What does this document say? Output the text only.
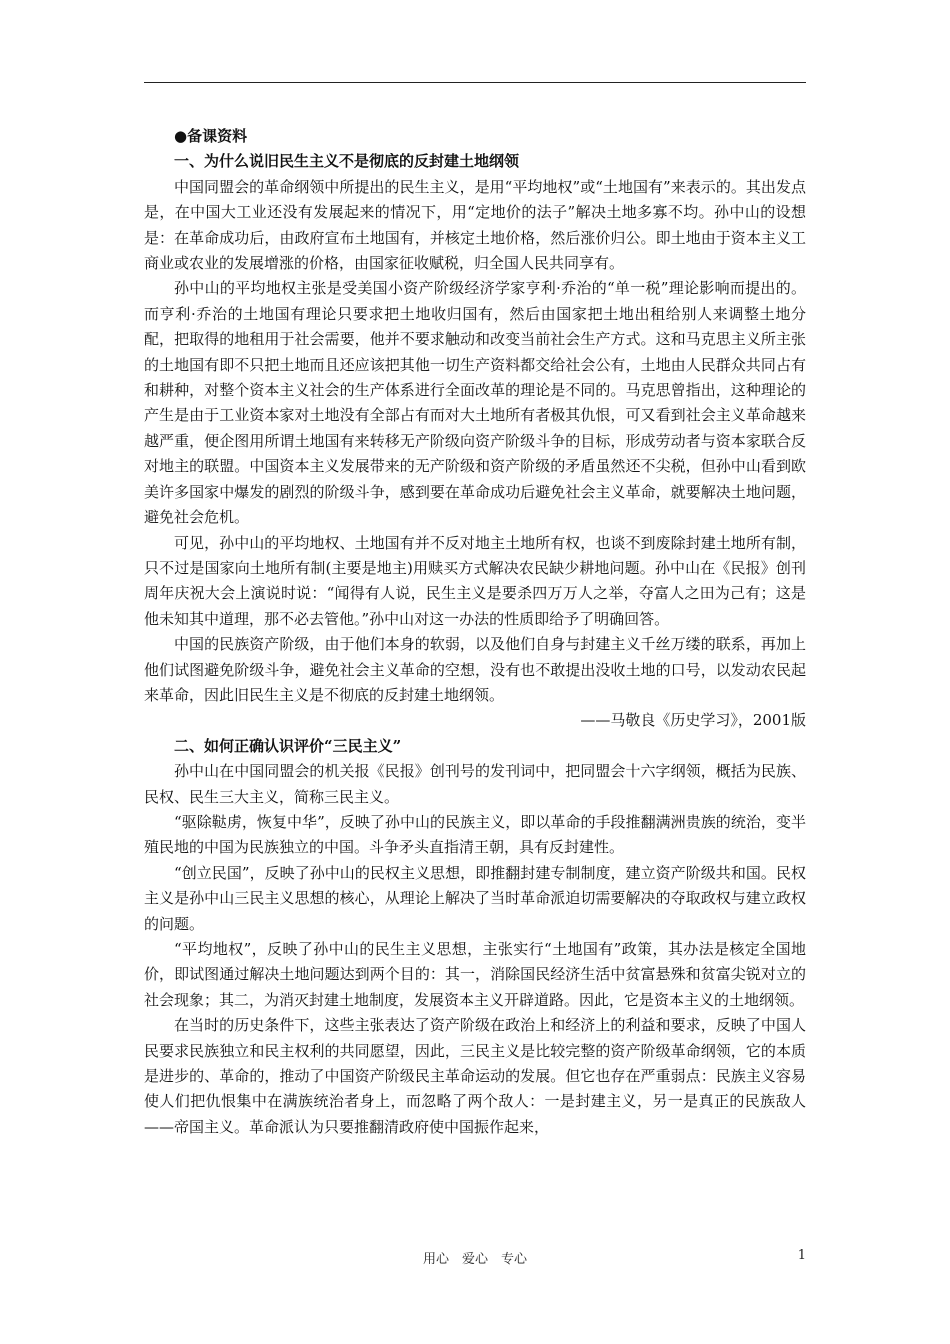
●备课资料

一、为什么说旧民生主义不是彻底的反封建土地纲领

中国同盟会的革命纲领中所提出的民生主义，是用“平均地权”或“土地国有”来表示的。其出发点是，在中国大工业还没有发展起来的情况下，用“定地价的法子”解决土地多寡不均。孙中山的设想是：在革命成功后，由政府宣布土地国有，并核定土地价格，然后涨价归公。即土地由于资本主义工商业或农业的发展增涨的价格，由国家征收赋税，归全国人民共同享有。

孙中山的平均地权主张是受美国小资产阶级经济学家亨利·乔治的“单一税”理论影响而提出的。而亨利·乔治的土地国有理论只要求把土地收归国有，然后由国家把土地出租给别人来调整土地分配，把取得的地租用于社会需要，他并不要求触动和改变当前社会生产方式。这和马克思主义所主张的土地国有即不只把土地而且还应该把其他一切生产资料都交给社会公有，土地由人民群众共同占有和耕种，对整个资本主义社会的生产体系进行全面改革的理论是不同的。马克思曾指出，这种理论的产生是由于工业资本家对土地没有全部占有而对大土地所有者极其仇恨，可又看到社会主义革命越来越严重，便企图用所谓土地国有来转移无产阶级向资产阶级斗争的目标，形成劳动者与资本家联合反对地主的联盟。中国资本主义发展带来的无产阶级和资产阶级的矛盾虽然还不尖税，但孙中山看到欧美许多国家中爆发的剧烈的阶级斗争，感到要在革命成功后避免社会主义革命，就要解决土地问题，避免社会危机。

可见，孙中山的平均地权、土地国有并不反对地主土地所有权，也谈不到废除封建土地所有制，只不过是国家向土地所有制(主要是地主)用赎买方式解决农民缺少耕地问题。孙中山在《民报》创刊周年庆祝大会上演说时说：“闻得有人说，民生主义是要杀四万万人之举，夺富人之田为己有；这是他未知其中道理，那不必去管他。”孙中山对这一办法的性质即给予了明确回答。

中国的民族资产阶级，由于他们本身的软弱，以及他们自身与封建主义千丝万缕的联系，再加上他们试图避免阶级斗争，避免社会主义革命的空想，没有也不敢提出没收土地的口号，以发动农民起来革命，因此旧民生主义是不彻底的反封建土地纲领。

——马敬良《历史学习》，2001版

二、如何正确认识评价“三民主义”

孙中山在中国同盟会的机关报《民报》创刊号的发刊词中，把同盟会十六字纲领，概括为民族、民权、民生三大主义，简称三民主义。

“驱除鞑虏，恢复中华”，反映了孙中山的民族主义，即以革命的手段推翻满洲贵族的统治，变半殖民地的中国为民族独立的中国。斗争矛头直指清王朝，具有反封建性。

“创立民国”，反映了孙中山的民权主义思想，即推翻封建专制制度，建立资产阶级共和国。民权主义是孙中山三民主义思想的核心，从理论上解决了当时革命派迫切需要解决的夺取政权与建立政权的问题。

“平均地权”，反映了孙中山的民生主义思想，主张实行“土地国有”政策，其办法是核定全国地价，即试图通过解决土地问题达到两个目的：其一，消除国民经济生活中贫富悬殊和贫富尖锐对立的社会现象；其二，为消灭封建土地制度，发展资本主义开辟道路。因此，它是资本主义的土地纲领。

在当时的历史条件下，这些主张表达了资产阶级在政治上和经济上的利益和要求，反映了中国人民要求民族独立和民主权利的共同愿望，因此，三民主义是比较完整的资产阶级革命纲领，它的本质是进步的、革命的，推动了中国资产阶级民主革命运动的发展。但它也存在严重弱点：民族主义容易使人们把仇恨集中在满族统治者身上，而忽略了两个敌人：一是封建主义，另一是真正的民族敌人——帝国主义。革命派认为只要推翻清政府使中国振作起来，

用心　爱心　专心	1
